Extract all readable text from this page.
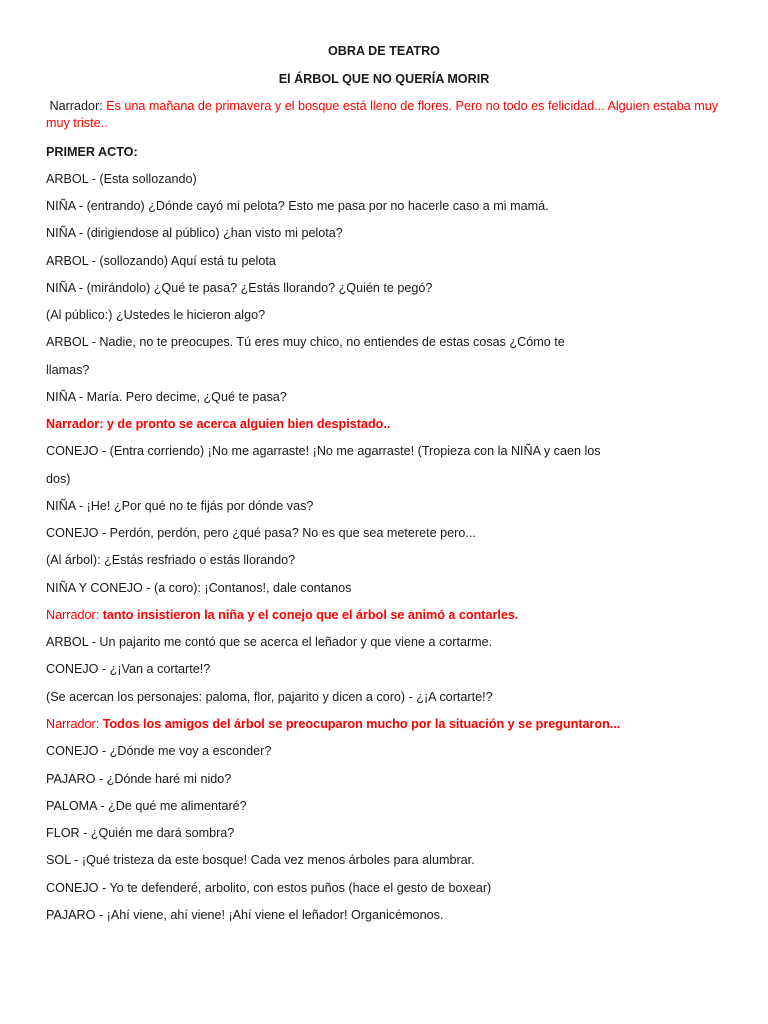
OBRA DE TEATRO
El ÁRBOL QUE NO QUERÍA MORIR
Narrador: Es una mañana de primavera y el bosque está lleno de flores. Pero no todo es felicidad... Alguien estaba muy muy triste..
PRIMER ACTO:
ARBOL - (Esta sollozando)
NIÑA - (entrando) ¿Dónde cayó mi pelota? Esto me pasa por no hacerle caso a mi mamá.
NIÑA - (dirigiendose al público) ¿han visto mi pelota?
ARBOL - (sollozando) Aquí está tu pelota
NIÑA - (mirándolo) ¿Qué te pasa? ¿Estás llorando? ¿Quién te pegó?
(Al público:) ¿Ustedes le hicieron algo?
ARBOL - Nadie, no te preocupes. Tú eres muy chico, no entiendes de estas cosas ¿Cómo te
llamas?
NIÑA - María. Pero decime, ¿Qué te pasa?
Narrador: y de pronto se acerca alguien bien despistado..
CONEJO - (Entra corriendo) ¡No me agarraste! ¡No me agarraste! (Tropieza con la NIÑA y caen los
dos)
NIÑA - ¡He! ¿Por qué no te fijás por dónde vas?
CONEJO - Perdón, perdón, pero ¿qué pasa? No es que sea meterete pero...
(Al árbol): ¿Estás resfriado o estás llorando?
NIÑA Y CONEJO - (a coro): ¡Contanos!, dale contanos
Narrador: tanto insistieron la niña y el conejo que el árbol se animó a contarles.
ARBOL - Un pajarito me contó que se acerca el leñador y que viene a cortarme.
CONEJO - ¿¡Van a cortarte!?
(Se acercan los personajes: paloma, flor, pajarito y dicen a coro) - ¿¡A cortarte!?
Narrador: Todos los amigos del árbol se preocuparon mucho por la situación y se preguntaron...
CONEJO - ¿Dónde me voy a esconder?
PAJARO - ¿Dónde haré mi nido?
PALOMA - ¿De qué me alimentaré?
FLOR - ¿Quién me dará sombra?
SOL - ¡Qué tristeza da este bosque! Cada vez menos árboles para alumbrar.
CONEJO - Yo te defenderé, arbolito, con estos puños (hace el gesto de boxear)
PAJARO - ¡Ahí viene, ahí viene! ¡Ahí viene el leñador! Organicémonos.
